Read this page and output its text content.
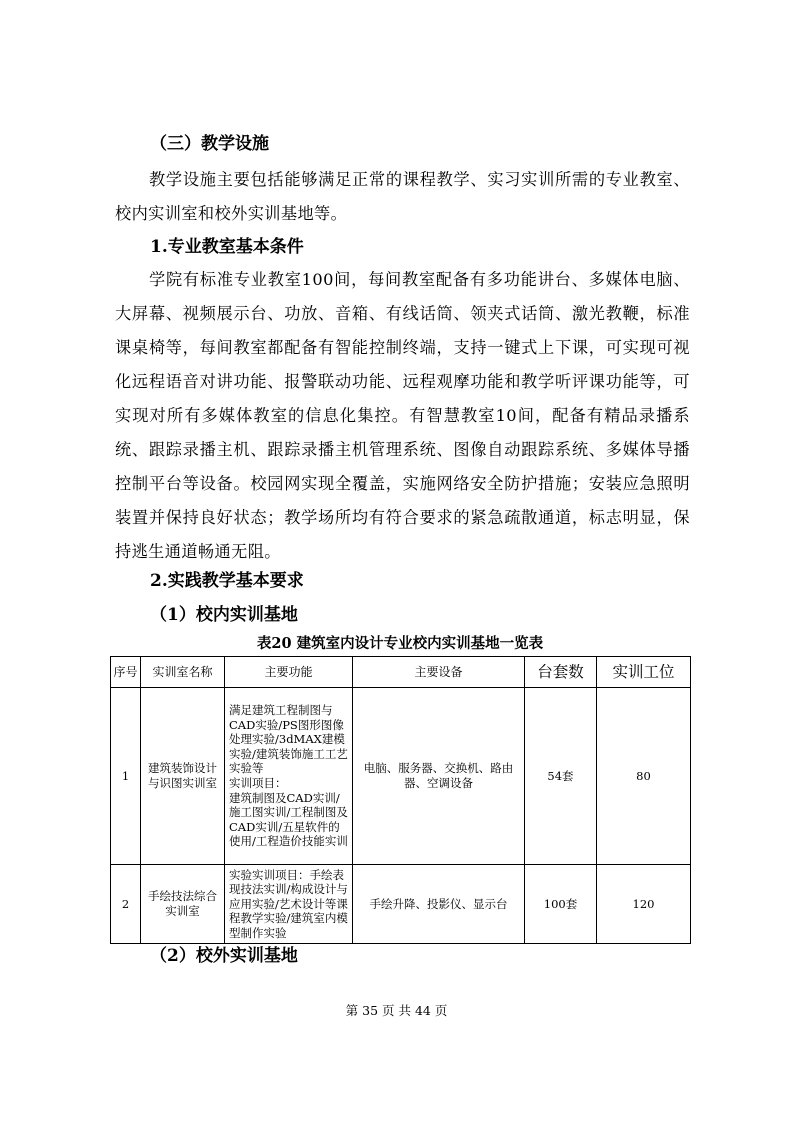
（三）教学设施
教学设施主要包括能够满足正常的课程教学、实习实训所需的专业教室、校内实训室和校外实训基地等。
1.专业教室基本条件
学院有标准专业教室100间，每间教室配备有多功能讲台、多媒体电脑、大屏幕、视频展示台、功放、音箱、有线话筒、领夹式话筒、激光教鞭，标准课桌椅等，每间教室都配备有智能控制终端，支持一键式上下课，可实现可视化远程语音对讲功能、报警联动功能、远程观摩功能和教学听评课功能等，可实现对所有多媒体教室的信息化集控。有智慧教室10间，配备有精品录播系统、跟踪录播主机、跟踪录播主机管理系统、图像自动跟踪系统、多媒体导播控制平台等设备。校园网实现全覆盖，实施网络安全防护措施；安装应急照明装置并保持良好状态；教学场所均有符合要求的紧急疏散通道，标志明显，保持逃生通道畅通无阻。
2.实践教学基本要求
（1）校内实训基地
表20 建筑室内设计专业校内实训基地一览表
序号	实训室名称	主要功能	主要设备	台套数	实训工位
1	建筑装饰设计与识图实训室	满足建筑工程制图与CAD实验/PS图形图像处理实验/3dMAX建模实验/建筑装饰施工工艺实验等
实训项目：
建筑制图及CAD实训/施工图实训/工程制图及CAD实训/五星软件的使用/工程造价技能实训	电脑、服务器、交换机、路由器、空调设备	54套	80
2	手绘技法综合实训室	实验实训项目：手绘表现技法实训/构成设计与应用实验/艺术设计等课程教学实验/建筑室内模型制作实验	手绘升降、投影仪、显示台	100套	120
（2）校外实训基地
第 35 页 共 44 页
